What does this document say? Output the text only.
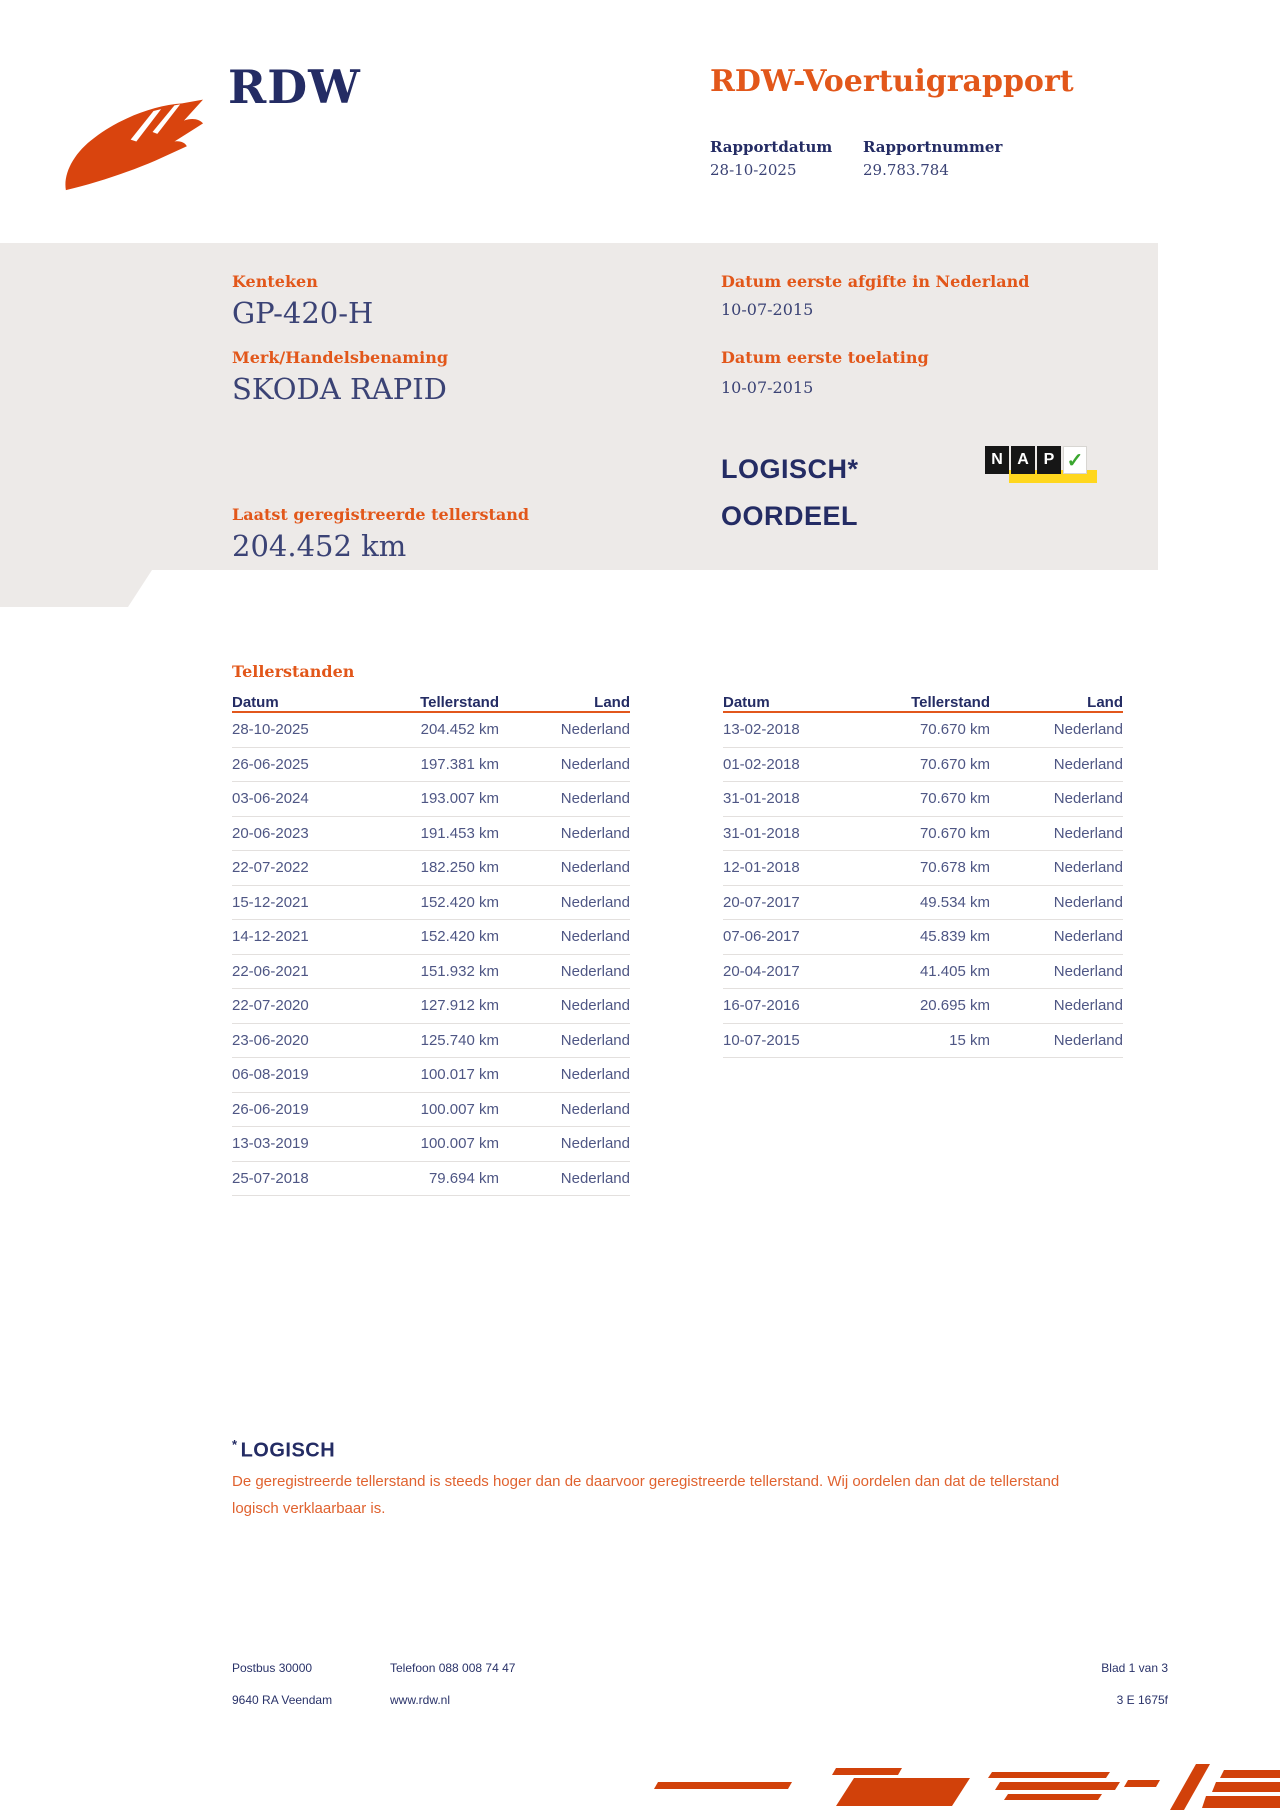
RDW	RDW-Voertuigrapport
Rapportdatum
28-10-2025
Rapportnummer
29.783.784
Kenteken
GP-420-H
Merk/Handelsbenaming
SKODA RAPID
Datum eerste afgifte in Nederland
10-07-2015
Datum eerste toelating
10-07-2015
LOGISCH*
OORDEEL
N A P ✓
Laatst geregistreerde tellerstand
204.452 km
Tellerstanden
Datum	Tellerstand	Land
28-10-2025	204.452 km	Nederland
26-06-2025	197.381 km	Nederland
03-06-2024	193.007 km	Nederland
20-06-2023	191.453 km	Nederland
22-07-2022	182.250 km	Nederland
15-12-2021	152.420 km	Nederland
14-12-2021	152.420 km	Nederland
22-06-2021	151.932 km	Nederland
22-07-2020	127.912 km	Nederland
23-06-2020	125.740 km	Nederland
06-08-2019	100.017 km	Nederland
26-06-2019	100.007 km	Nederland
13-03-2019	100.007 km	Nederland
25-07-2018	79.694 km	Nederland
Datum	Tellerstand	Land
13-02-2018	70.670 km	Nederland
01-02-2018	70.670 km	Nederland
31-01-2018	70.670 km	Nederland
31-01-2018	70.670 km	Nederland
12-01-2018	70.678 km	Nederland
20-07-2017	49.534 km	Nederland
07-06-2017	45.839 km	Nederland
20-04-2017	41.405 km	Nederland
16-07-2016	20.695 km	Nederland
10-07-2015	15 km	Nederland
* LOGISCH
De geregistreerde tellerstand is steeds hoger dan de daarvoor geregistreerde tellerstand. Wij oordelen dan dat de tellerstand logisch verklaarbaar is.
Postbus 30000
9640 RA Veendam
Telefoon 088 008 74 47
www.rdw.nl
Blad 1 van 3
3 E 1675f
